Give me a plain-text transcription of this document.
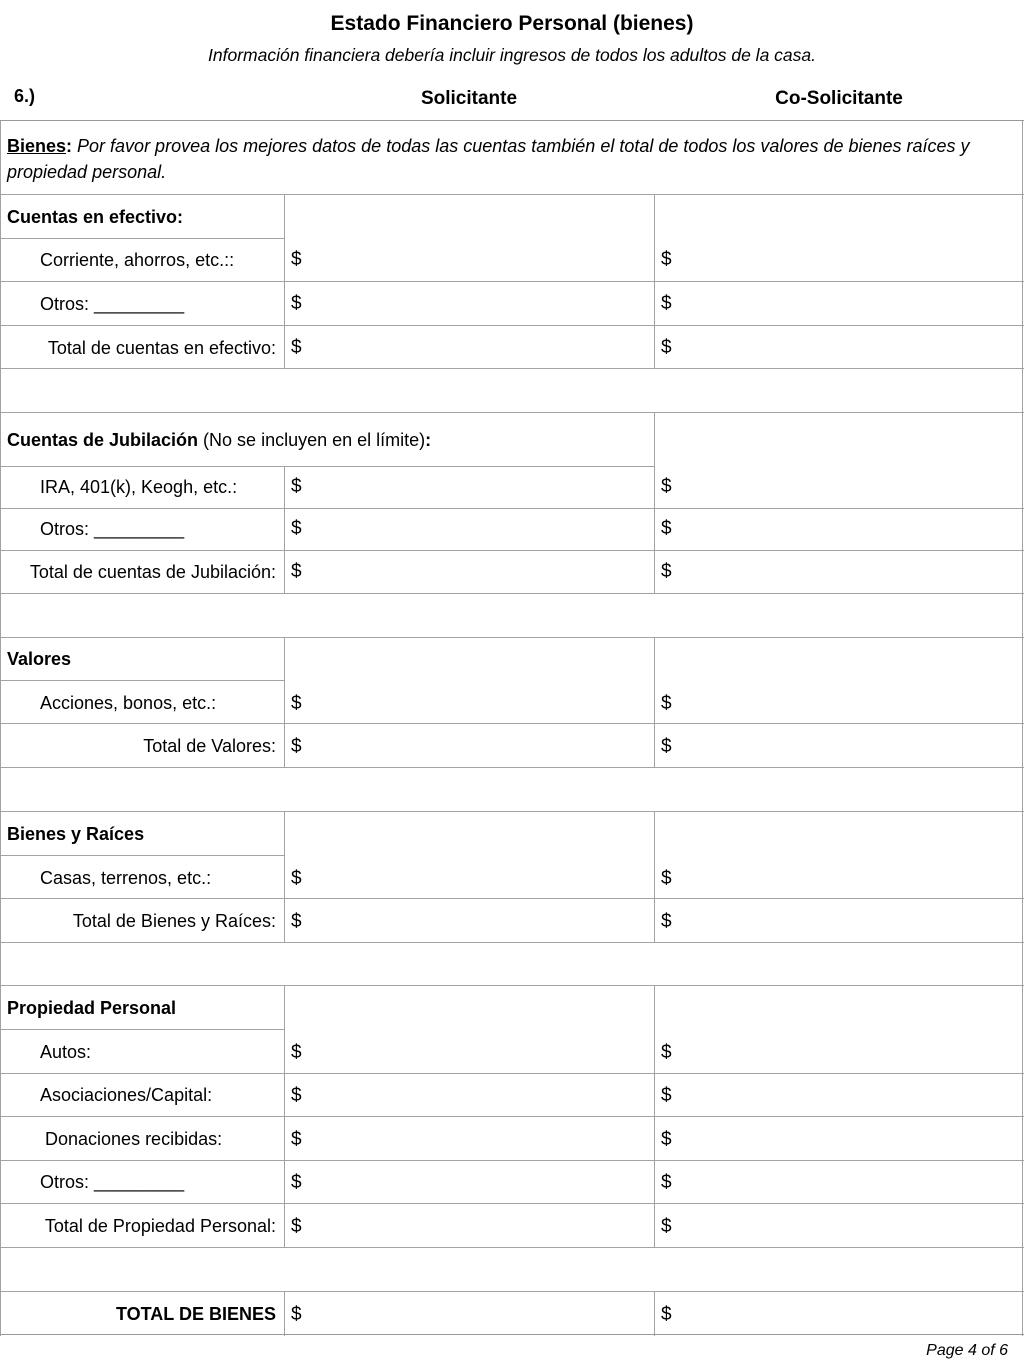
Estado Financiero Personal (bienes)
Información financiera debería incluir ingresos de todos los adultos de la casa.
6.)	Solicitante	Co-Solicitante
Bienes: Por favor provea los mejores datos de todas las cuentas también el total de todos los valores de bienes raíces y propiedad personal.
Cuentas en efectivo:
Corriente, ahorros, etc.::	$	$
Otros: _________	$	$
Total de cuentas en efectivo: $	$
Cuentas de Jubilación (No se incluyen en el límite):
IRA, 401(k), Keogh, etc.:	$	$
Otros: _________	$	$
Total de cuentas de Jubilación: $	$
Valores
Acciones, bonos, etc.:	$	$
Total de Valores: $	$
Bienes y Raíces
Casas, terrenos, etc.:	$	$
Total de Bienes y Raíces: $	$
Propiedad Personal
Autos:	$	$
Asociaciones/Capital:	$	$
Donaciones recibidas:	$	$
Otros: _________	$	$
Total de Propiedad Personal: $	$
TOTAL DE BIENES $	$
Page 4 of 6
